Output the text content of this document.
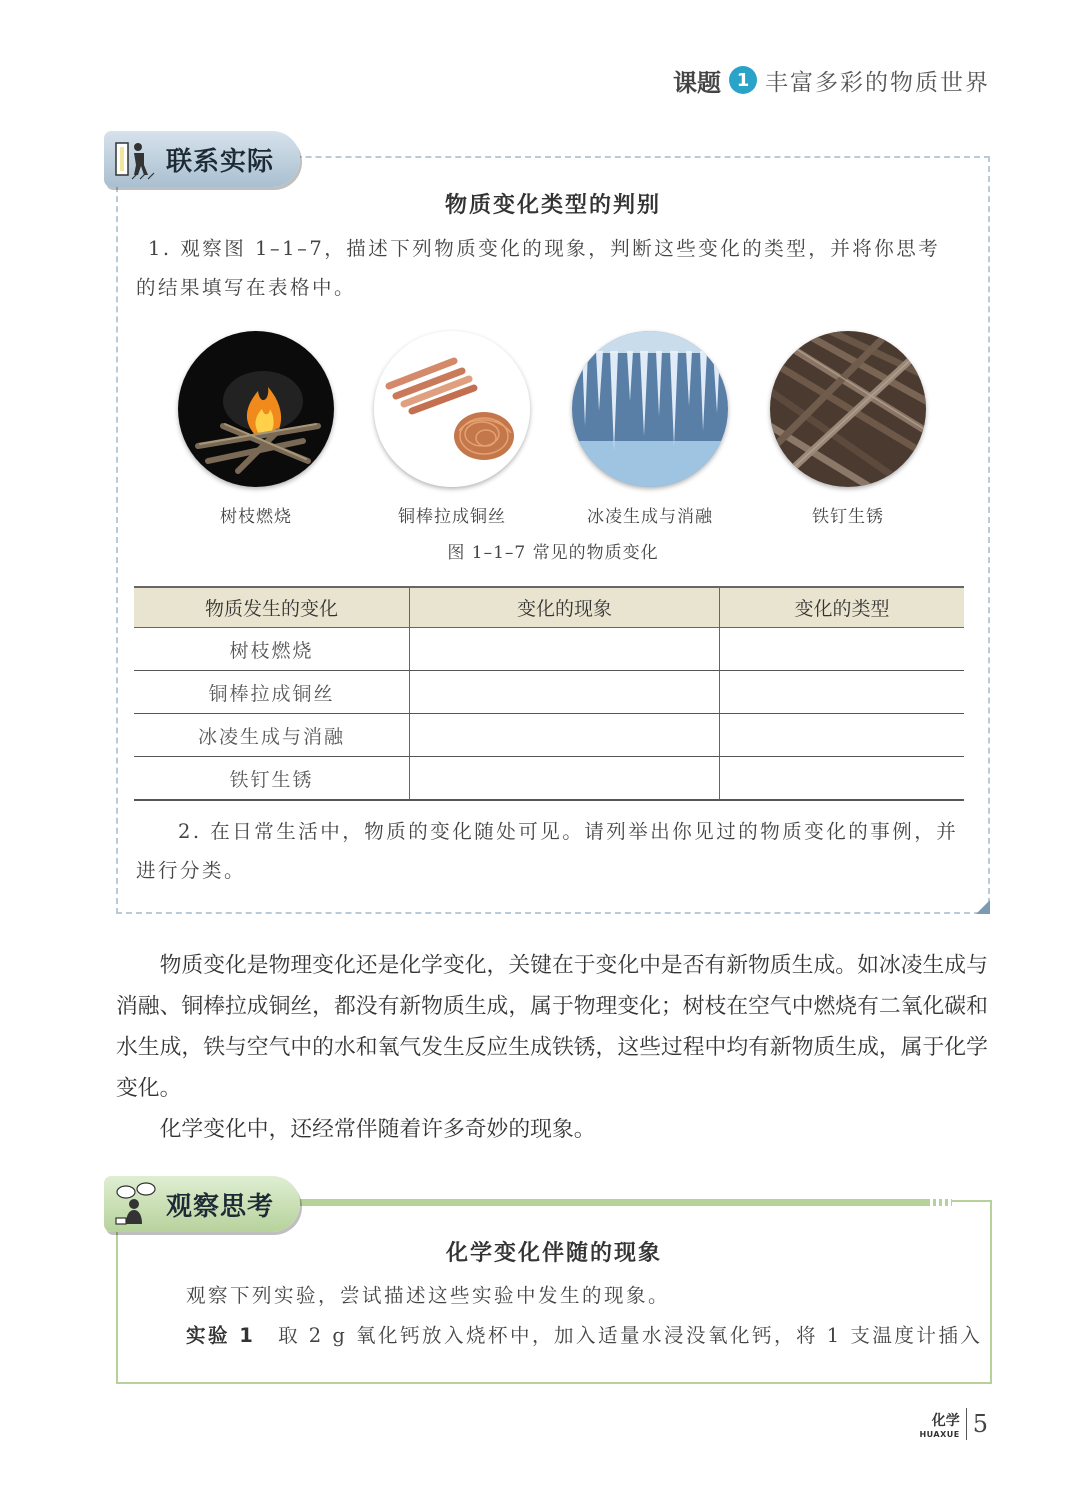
课题 1 丰富多彩的物质世界
物质变化类型的判别
1. 观察图 1–1–7，描述下列物质变化的现象，判断这些变化的类型，并将你思考
的结果填写在表格中。
树枝燃烧	铜棒拉成铜丝	冰凌生成与消融	铁钉生锈
图 1–1–7 常见的物质变化
物质发生的变化	变化的现象	变化的类型
树枝燃烧		
铜棒拉成铜丝		
冰凌生成与消融		
铁钉生锈		
2. 在日常生活中，物质的变化随处可见。请列举出你见过的物质变化的事例，并
进行分类。
联系实际

物质变化是物理变化还是化学变化，关键在于变化中是否有新物质生成。如冰凌生成与消融、铜棒拉成铜丝，都没有新物质生成，属于物理变化；树枝在空气中燃烧有二氧化碳和水生成，铁与空气中的水和氧气发生反应生成铁锈，这些过程中均有新物质生成，属于化学变化。

化学变化中，还经常伴随着许多奇妙的现象。

化学变化伴随的现象
观察下列实验，尝试描述这些实验中发生的现象。
实验 1 取 2 g 氧化钙放入烧杯中，加入适量水浸没氧化钙，将 1 支温度计插入
观察思考
化学
HUAXUE 5
